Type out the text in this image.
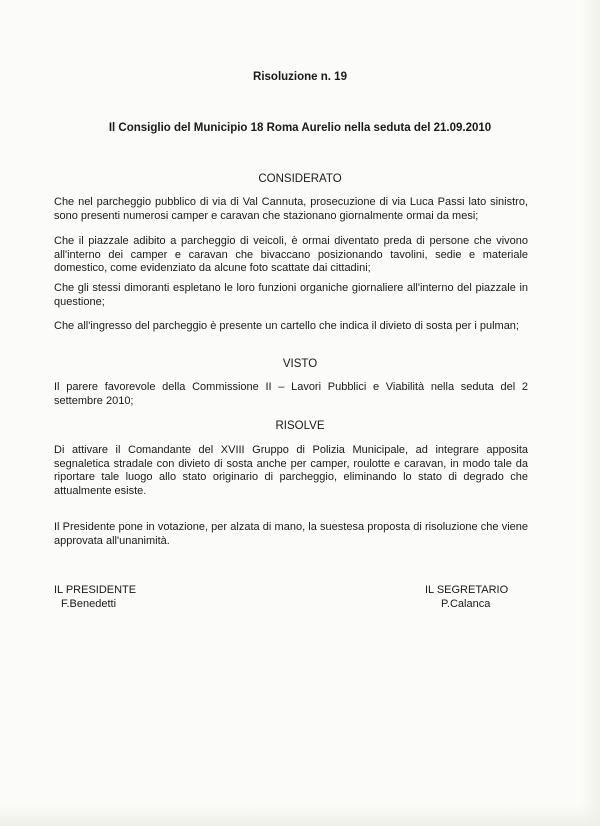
Risoluzione n. 19
Il Consiglio del Municipio 18 Roma Aurelio nella seduta del 21.09.2010
CONSIDERATO
Che nel parcheggio pubblico di via di Val Cannuta, prosecuzione di via Luca Passi lato sinistro, sono presenti numerosi camper e caravan che stazionano giornalmente ormai da mesi;
Che il piazzale adibito a parcheggio di veicoli, è ormai diventato preda di persone che vivono all'interno dei camper e caravan che bivaccano posizionando tavolini, sedie e materiale domestico, come evidenziato da alcune foto scattate dai cittadini;
Che gli stessi dimoranti espletano le loro funzioni organiche giornaliere all'interno del piazzale in questione;
Che all'ingresso del parcheggio è presente un cartello che indica il divieto di sosta per i pulman;
VISTO
Il parere favorevole della Commissione II – Lavori Pubblici e Viabilità nella seduta del 2 settembre 2010;
RISOLVE
Di attivare il Comandante del XVIII Gruppo di Polizia Municipale, ad integrare apposita segnaletica stradale con divieto di sosta anche per camper, roulotte e caravan, in modo tale da riportare tale luogo allo stato originario di parcheggio, eliminando lo stato di degrado che attualmente esiste.
Il Presidente pone in votazione, per alzata di mano, la suestesa proposta di risoluzione che viene approvata all'unanimità.
IL PRESIDENTE
F.Benedetti
IL SEGRETARIO
P.Calanca
